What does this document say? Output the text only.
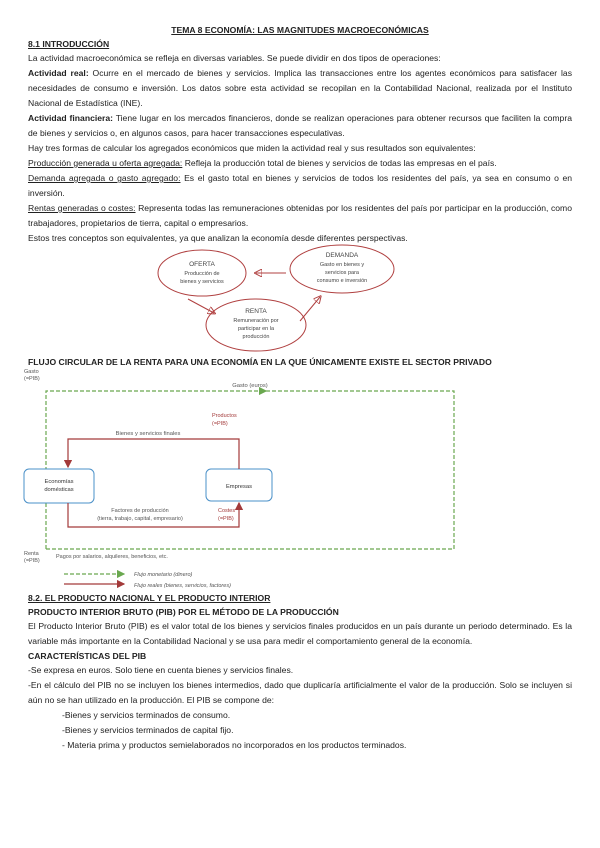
TEMA 8 ECONOMÍA: LAS MAGNITUDES MACROECONÓMICAS
8.1 INTRODUCCIÓN

La actividad macroeconómica se refleja en diversas variables. Se puede dividir en dos tipos de operaciones:

Actividad real: Ocurre en el mercado de bienes y servicios. Implica las transacciones entre los agentes económicos para satisfacer las necesidades de consumo e inversión. Los datos sobre esta actividad se recopilan en la Contabilidad Nacional, realizada por el Instituto Nacional de Estadística (INE).

Actividad financiera: Tiene lugar en los mercados financieros, donde se realizan operaciones para obtener recursos que faciliten la compra de bienes y servicios o, en algunos casos, para hacer transacciones especulativas.

Hay tres formas de calcular los agregados económicos que miden la actividad real y sus resultados son equivalentes:

Producción generada u oferta agregada: Refleja la producción total de bienes y servicios de todas las empresas en el país.

Demanda agregada o gasto agregado: Es el gasto total en bienes y servicios de todos los residentes del país, ya sea en consumo o en inversión.

Rentas generadas o costes: Representa todas las remuneraciones obtenidas por los residentes del país por participar en la producción, como trabajadores, propietarios de tierra, capital o empresarios.

Estos tres conceptos son equivalentes, ya que analizan la economía desde diferentes perspectivas.

OFERTA
Producción de
bienes y servicios
DEMANDA
Gasto en bienes y
servicios para
consumo e inversión
RENTA
Remuneración por
participar en la
producción
FLUJO CIRCULAR DE LA RENTA PARA UNA ECONOMÍA EN LA QUE ÚNICAMENTE EXISTE EL SECTOR PRIVADO
Gasto
(=PIB)
Gasto (euros)
Economías
domésticas	Empresas
Bienes y servicios finales
Productos
(=PIB)
Factores de producción
(tierra, trabajo, capital, empresario)
Costes
(=PIB)
Renta
(=PIB)
Pagos por salarios, alquileres, beneficios, etc.
Flujo monetario (dinero)
Flujo reales (bienes, servicios, factores)
8.2. EL PRODUCTO NACIONAL Y EL PRODUCTO INTERIOR
PRODUCTO INTERIOR BRUTO (PIB) POR EL MÉTODO DE LA PRODUCCIÓN

El Producto Interior Bruto (PIB) es el valor total de los bienes y servicios finales producidos en un país durante un periodo determinado. Es la variable más importante en la Contabilidad Nacional y se usa para medir el comportamiento general de la economía.

CARACTERÍSTICAS DEL PIB

-Se expresa en euros. Solo tiene en cuenta bienes y servicios finales.

-En el cálculo del PIB no se incluyen los bienes intermedios, dado que duplicaría artificialmente el valor de la producción. Solo se incluyen si aún no se han utilizado en la producción. El PIB se compone de:

-Bienes y servicios terminados de consumo.

-Bienes y servicios terminados de capital fijo.

- Materia prima y productos semielaborados no incorporados en los productos terminados.
